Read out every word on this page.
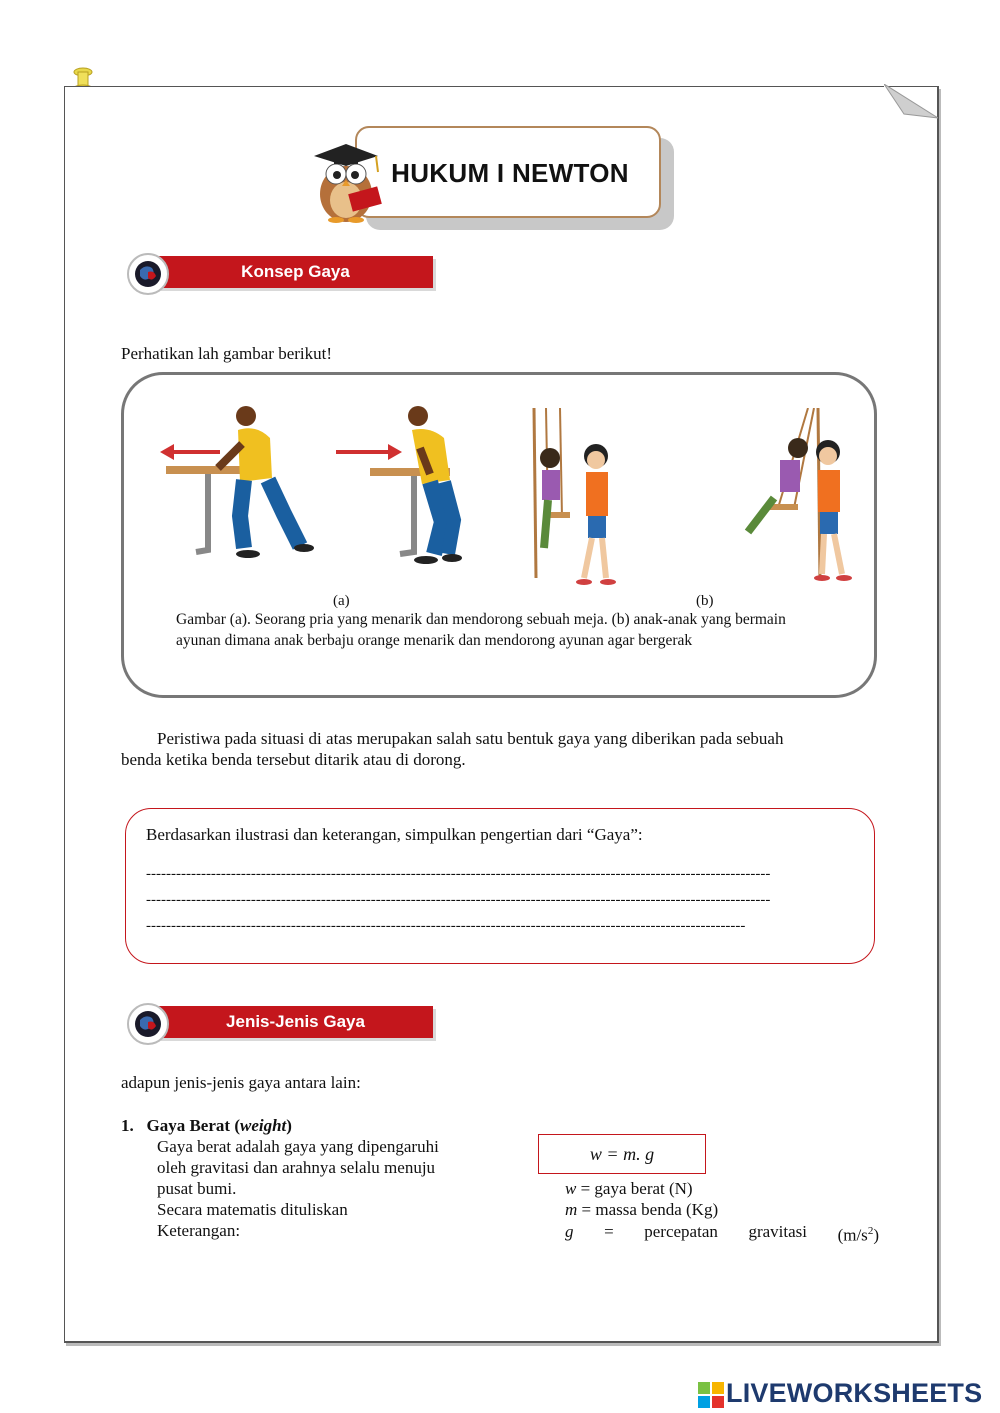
HUKUM I NEWTON
Konsep Gaya
Perhatikan lah gambar berikut!
(a)	(b)
Gambar (a). Seorang pria yang menarik dan mendorong sebuah meja. (b) anak-anak yang bermain
ayunan dimana anak berbaju orange menarik dan mendorong ayunan agar bergerak
Peristiwa pada situasi di atas merupakan salah satu bentuk gaya yang diberikan pada sebuah
benda ketika benda tersebut ditarik atau di dorong.
Berdasarkan ilustrasi dan keterangan, simpulkan pengertian dari “Gaya”:
-----------------------------------------------------------------------------------------------------------------------------
-----------------------------------------------------------------------------------------------------------------------------
------------------------------------------------------------------------------------------------------------------------
Jenis-Jenis Gaya
adapun jenis-jenis gaya antara lain:
1. Gaya Berat (weight)
Gaya berat adalah gaya yang dipengaruhi
oleh gravitasi dan arahnya selalu menuju
pusat bumi.
Secara matematis dituliskan
Keterangan:
w = m. g
w = gaya berat (N)
m = massa benda (Kg)
g = percepatan gravitasi $(m/s^2)$
LIVEWORKSHEETS
